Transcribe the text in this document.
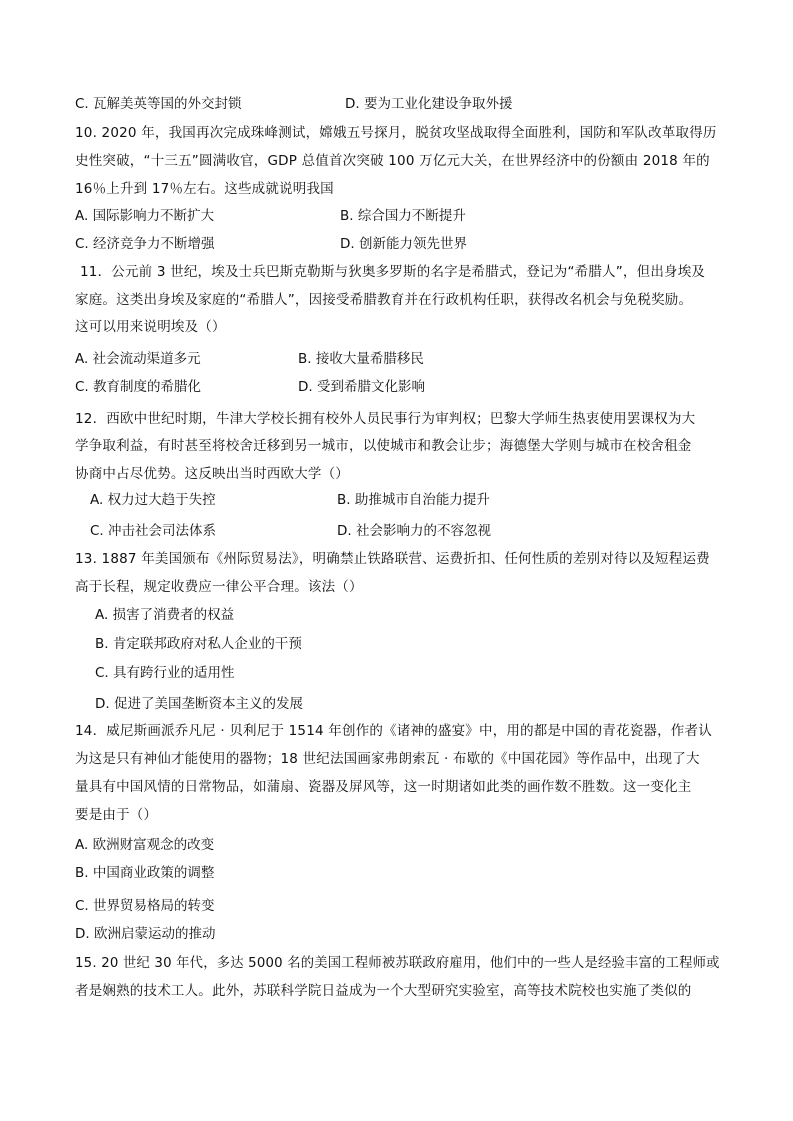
C. 瓦解美英等国的外交封锁	D. 要为工业化建设争取外援
10. 2020 年，我国再次完成珠峰测试，嫦娥五号探月，脱贫攻坚战取得全面胜利，国防和军队改革取得历
史性突破，“十三五”圆满收官，GDP 总值首次突破 100 万亿元大关，在世界经济中的份额由 2018 年的
16％上升到 17％左右。这些成就说明我国
A. 国际影响力不断扩大	B. 综合国力不断提升
C. 经济竞争力不断增强	D. 创新能力领先世界
11．公元前 3 世纪，埃及士兵巴斯克勒斯与狄奥多罗斯的名字是希腊式，登记为“希腊人”，但出身埃及
家庭。这类出身埃及家庭的“希腊人”，因接受希腊教育并在行政机构任职，获得改名机会与免税奖励。
这可以用来说明埃及（）
A. 社会流动渠道多元	B. 接收大量希腊移民
C. 教育制度的希腊化	D. 受到希腊文化影响
12．西欧中世纪时期，牛津大学校长拥有校外人员民事行为审判权；巴黎大学师生热衷使用罢课权为大
学争取利益，有时甚至将校舍迁移到另一城市，以使城市和教会让步；海德堡大学则与城市在校舍租金
协商中占尽优势。这反映出当时西欧大学（）
A. 权力过大趋于失控	B. 助推城市自治能力提升
C. 冲击社会司法体系	D. 社会影响力的不容忽视
13. 1887 年美国颁布《州际贸易法》，明确禁止铁路联营、运费折扣、任何性质的差别对待以及短程运费
高于长程，规定收费应一律公平合理。该法（）
A. 损害了消费者的权益
B. 肯定联邦政府对私人企业的干预
C. 具有跨行业的适用性
D. 促进了美国垄断资本主义的发展
14．威尼斯画派乔凡尼 · 贝利尼于 1514 年创作的《诸神的盛宴》中，用的都是中国的青花瓷器，作者认
为这是只有神仙才能使用的器物；18 世纪法国画家弗朗索瓦 · 布歇的《中国花园》等作品中，出现了大
量具有中国风情的日常物品，如蒲扇、瓷器及屏风等，这一时期诸如此类的画作数不胜数。这一变化主
要是由于（）
A. 欧洲财富观念的改变
B. 中国商业政策的调整
C. 世界贸易格局的转变
D. 欧洲启蒙运动的推动
15. 20 世纪 30 年代，多达 5000 名的美国工程师被苏联政府雇用，他们中的一些人是经验丰富的工程师或
者是娴熟的技术工人。此外，苏联科学院日益成为一个大型研究实验室，高等技术院校也实施了类似的
